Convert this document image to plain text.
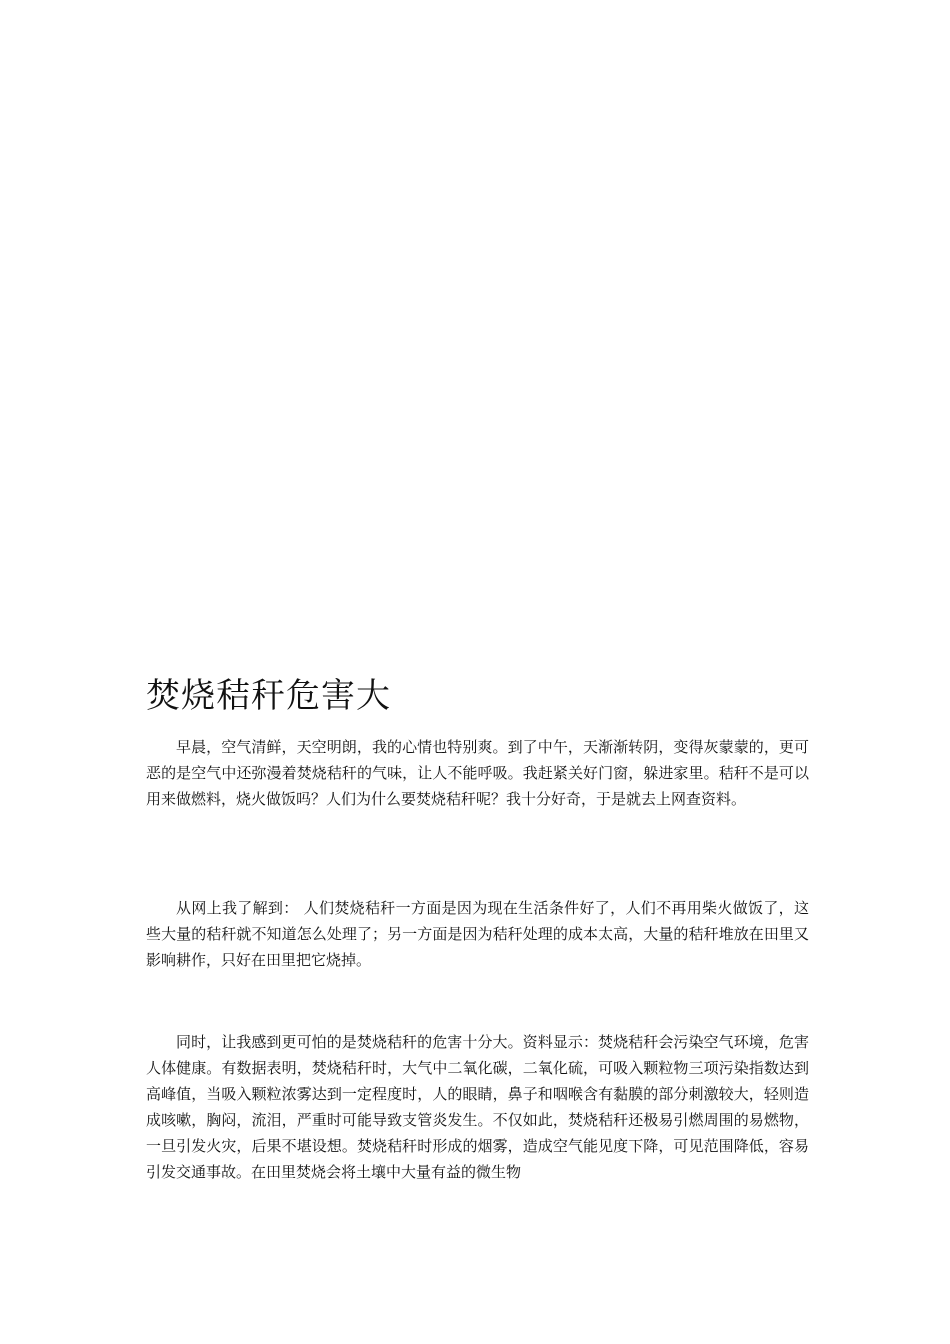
焚烧秸秆危害大

早晨，空气清鲜，天空明朗，我的心情也特别爽。到了中午，天渐渐转阴，变得灰蒙蒙的，更可恶的是空气中还弥漫着焚烧秸秆的气味，让人不能呼吸。我赶紧关好门窗，躲进家里。秸秆不是可以用来做燃料，烧火做饭吗？人们为什么要焚烧秸秆呢？我十分好奇，于是就去上网查资料。

从网上我了解到： 人们焚烧秸秆一方面是因为现在生活条件好了，人们不再用柴火做饭了，这些大量的秸秆就不知道怎么处理了；另一方面是因为秸秆处理的成本太高，大量的秸秆堆放在田里又影响耕作，只好在田里把它烧掉。

同时，让我感到更可怕的是焚烧秸秆的危害十分大。资料显示：焚烧秸秆会污染空气环境，危害人体健康。有数据表明，焚烧秸秆时，大气中二氧化碳，二氧化硫，可吸入颗粒物三项污染指数达到高峰值，当吸入颗粒浓雾达到一定程度时，人的眼睛，鼻子和咽喉含有黏膜的部分刺激较大，轻则造成咳嗽，胸闷，流泪，严重时可能导致支管炎发生。不仅如此，焚烧秸秆还极易引燃周围的易燃物，一旦引发火灾，后果不堪设想。焚烧秸秆时形成的烟雾，造成空气能见度下降，可见范围降低，容易引发交通事故。在田里焚烧会将土壤中大量有益的微生物
